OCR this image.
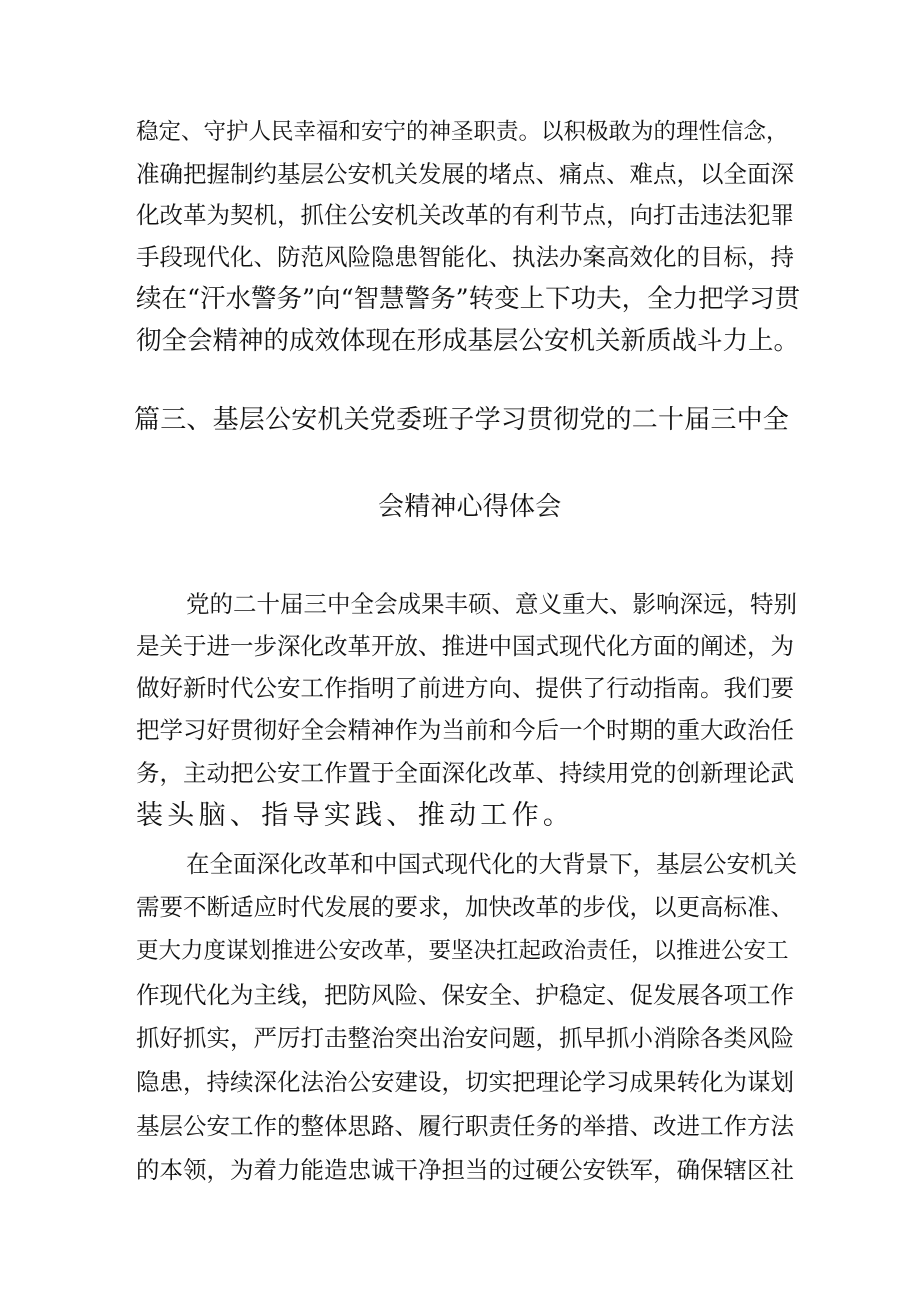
稳定、守护人民幸福和安宁的神圣职责。以积极敢为的理性信念，
准确把握制约基层公安机关发展的堵点、痛点、难点，以全面深
化改革为契机，抓住公安机关改革的有利节点，向打击违法犯罪
手段现代化、防范风险隐患智能化、执法办案高效化的目标，持
续在“汗水警务”向“智慧警务”转变上下功夫，全力把学习贯
彻全会精神的成效体现在形成基层公安机关新质战斗力上。
篇三、基层公安机关党委班子学习贯彻党的二十届三中全
会精神心得体会
党的二十届三中全会成果丰硕、意义重大、影响深远，特别
是关于进一步深化改革开放、推进中国式现代化方面的阐述，为
做好新时代公安工作指明了前进方向、提供了行动指南。我们要
把学习好贯彻好全会精神作为当前和今后一个时期的重大政治任
务，主动把公安工作置于全面深化改革、持续用党的创新理论武
装头脑、指导实践、推动工作。
在全面深化改革和中国式现代化的大背景下，基层公安机关
需要不断适应时代发展的要求，加快改革的步伐，以更高标准、
更大力度谋划推进公安改革，要坚决扛起政治责任，以推进公安工
作现代化为主线，把防风险、保安全、护稳定、促发展各项工作
抓好抓实，严厉打击整治突出治安问题，抓早抓小消除各类风险
隐患，持续深化法治公安建设，切实把理论学习成果转化为谋划
基层公安工作的整体思路、履行职责任务的举措、改进工作方法
的本领，为着力能造忠诚干净担当的过硬公安铁军，确保辖区社
